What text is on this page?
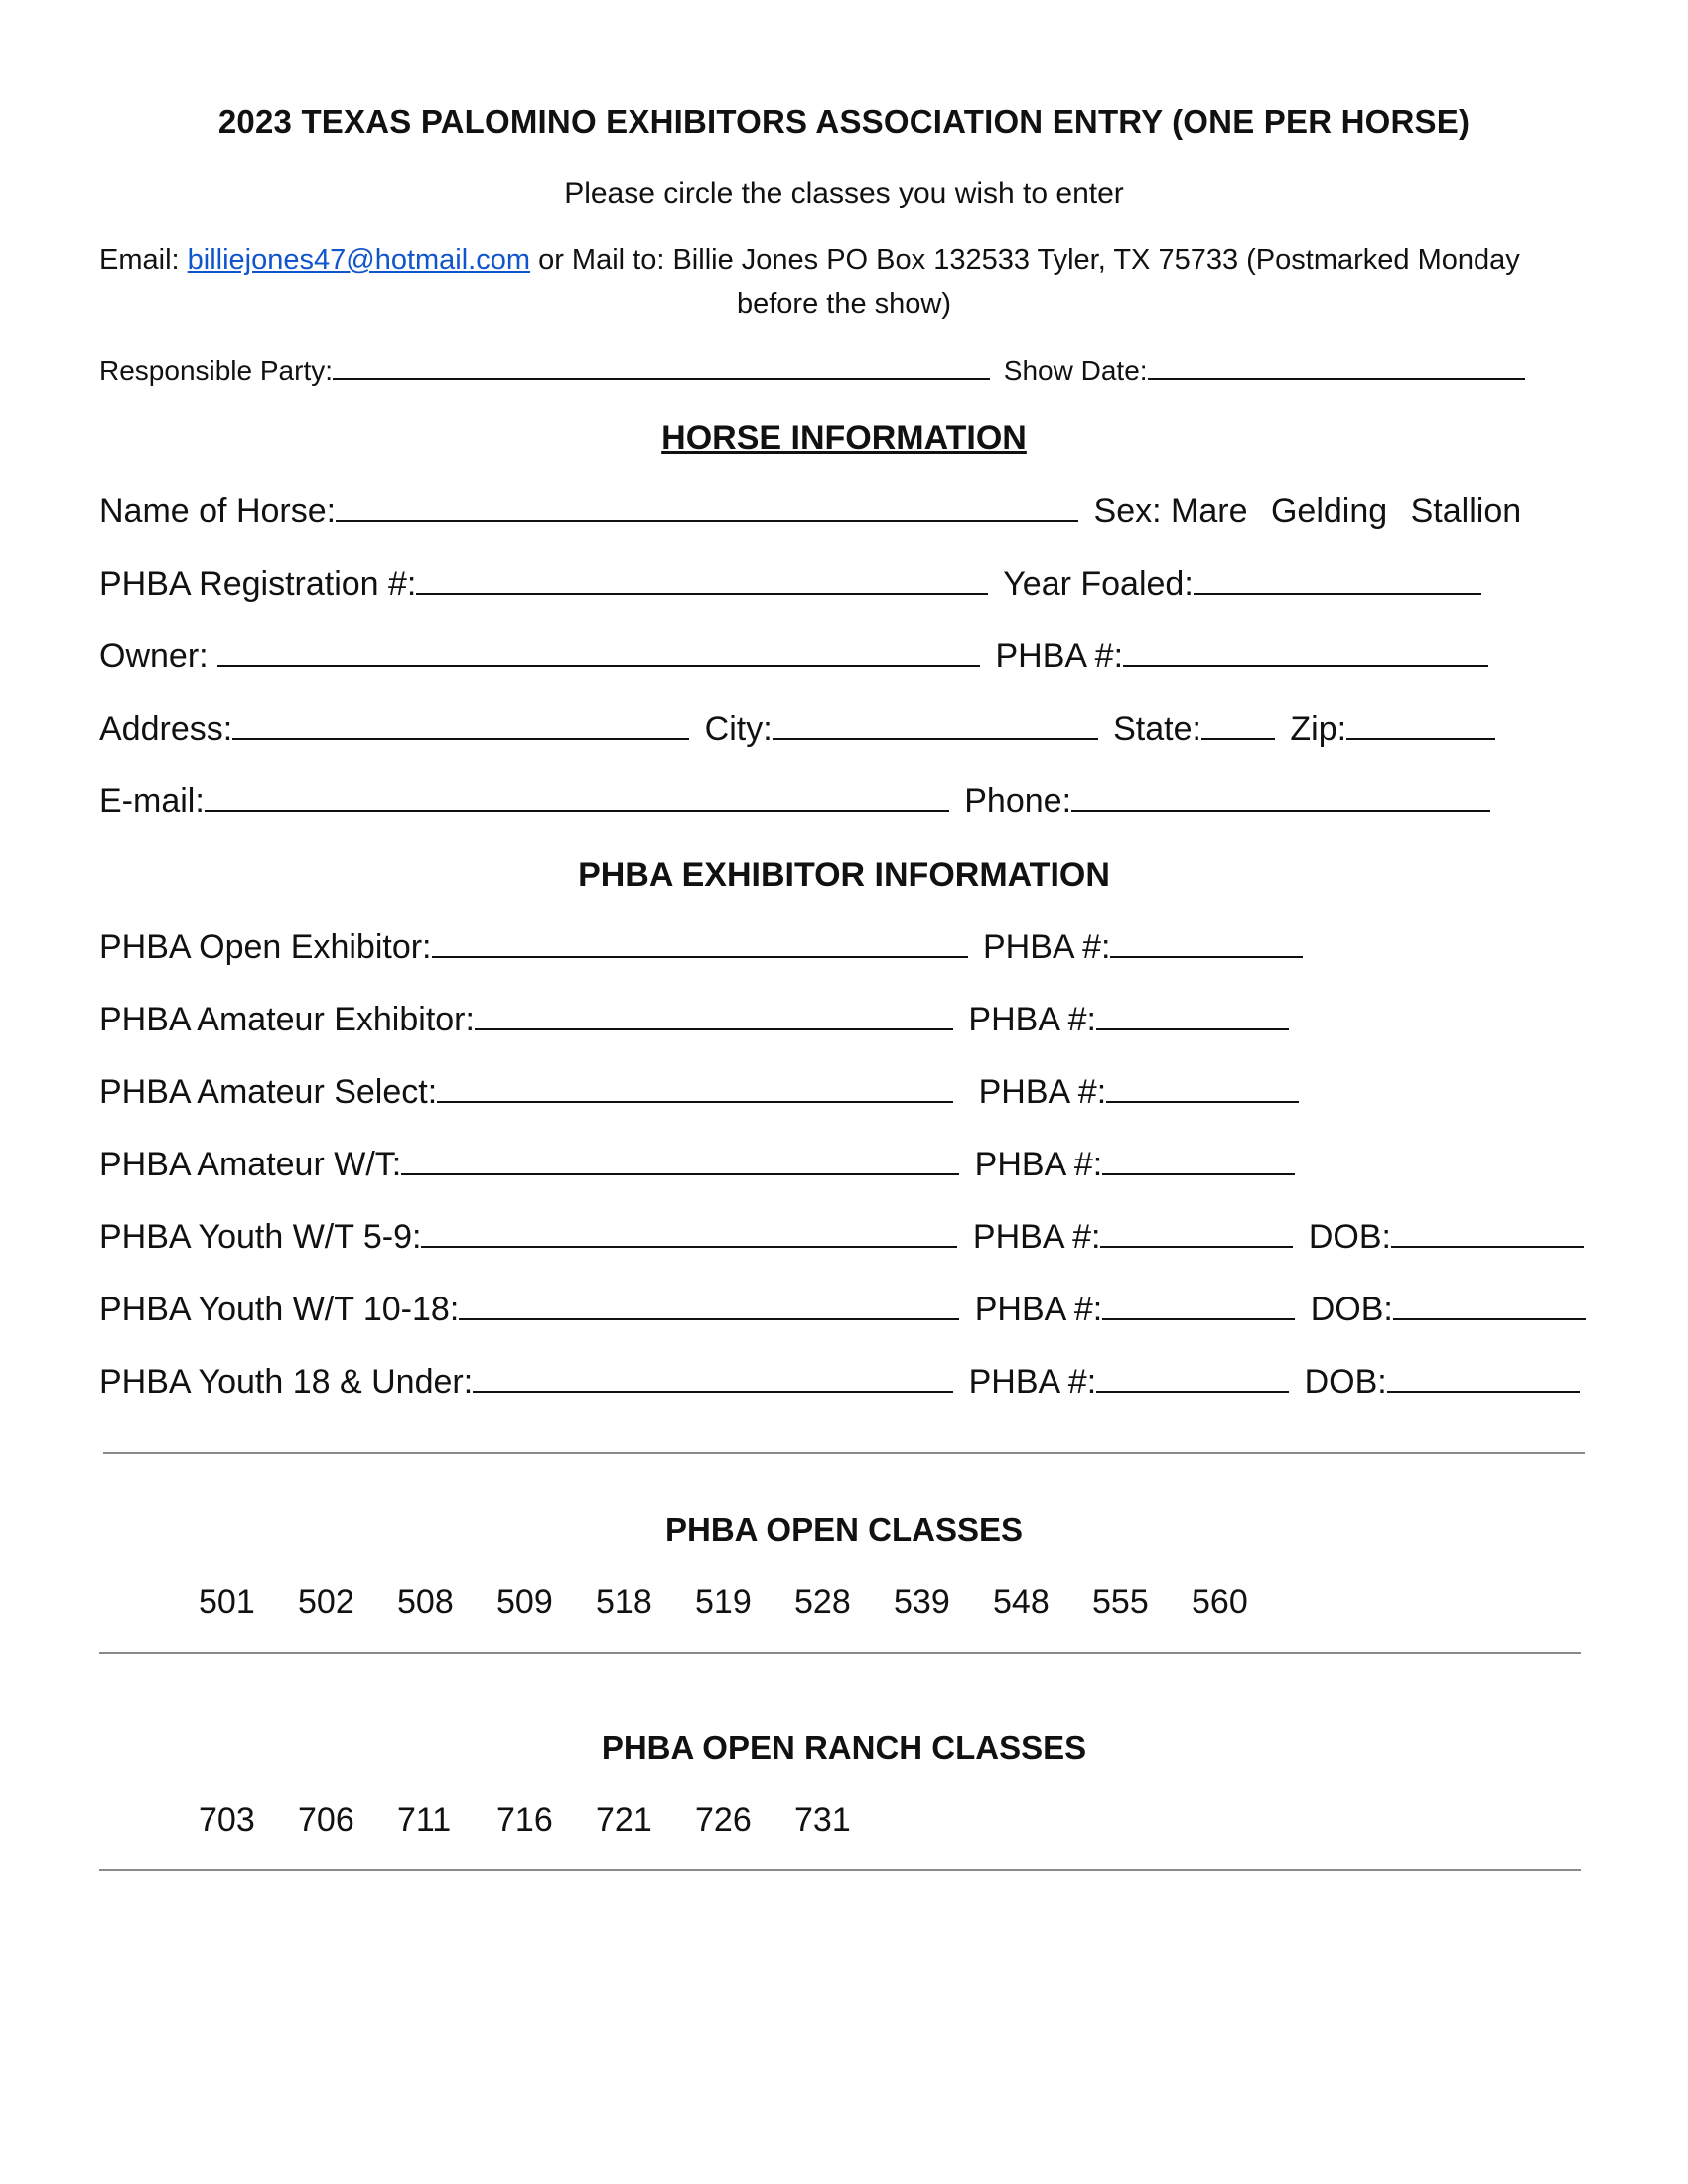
2023 TEXAS PALOMINO EXHIBITORS ASSOCIATION ENTRY (ONE PER HORSE)
Please circle the classes you wish to enter
Email: billiejones47@hotmail.com or Mail to: Billie Jones PO Box 132533 Tyler, TX 75733 (Postmarked Monday
before the show)
Responsible Party:	Show Date:
HORSE INFORMATION
Name of Horse:	Sex: Mare Gelding Stallion
PHBA Registration #:	Year Foaled:
Owner:	PHBA #:
Address:	City:	State:	Zip:
E-mail:	Phone:
PHBA EXHIBITOR INFORMATION
PHBA Open Exhibitor:	PHBA #:
PHBA Amateur Exhibitor:	PHBA #:
PHBA Amateur Select:	PHBA #:
PHBA Amateur W/T:	PHBA #:
PHBA Youth W/T 5-9:	PHBA #:	DOB:
PHBA Youth W/T 10-18:	PHBA #:	DOB:
PHBA Youth 18 & Under:	PHBA #:	DOB:
PHBA OPEN CLASSES
501 502 508 509 518 519 528 539 548 555 560
PHBA OPEN RANCH CLASSES
703 706 711 716 721 726 731
